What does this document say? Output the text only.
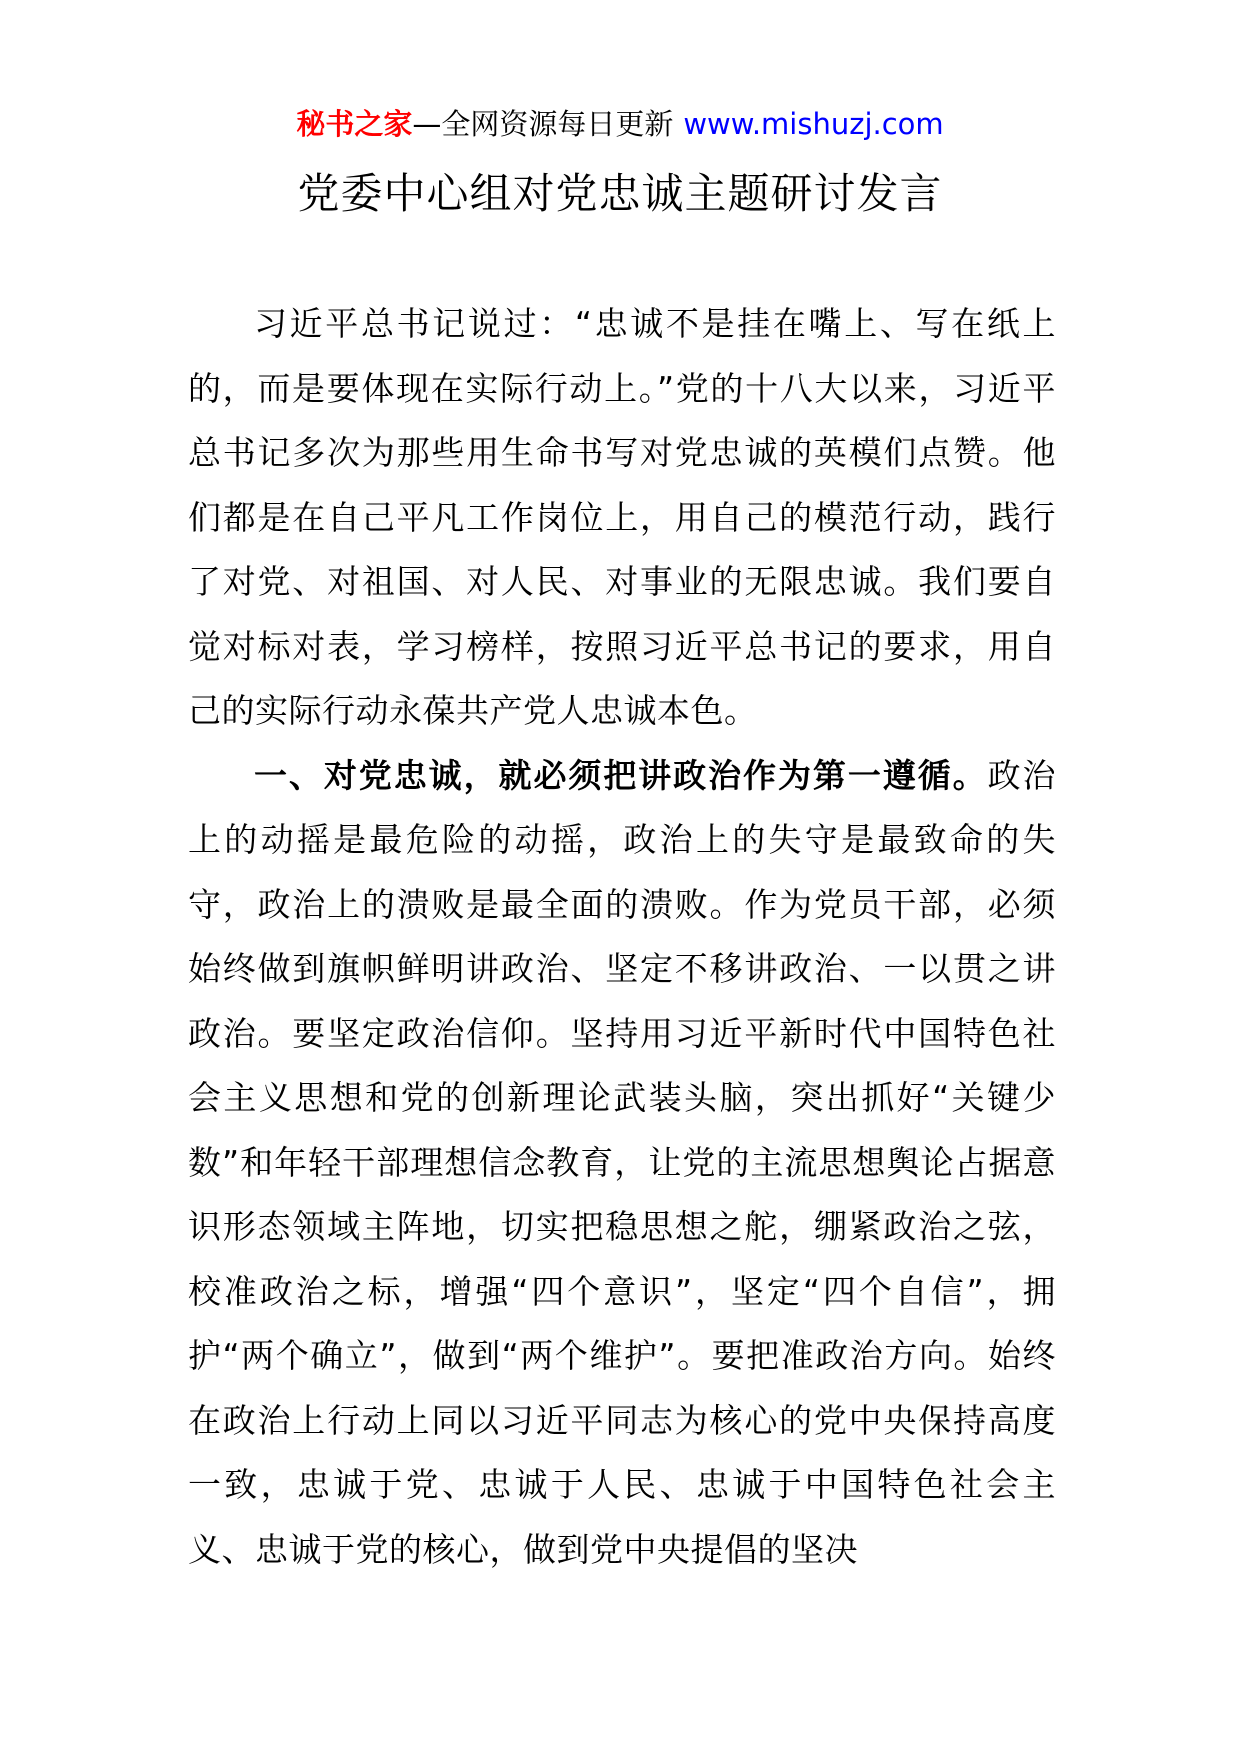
秘书之家—全网资源每日更新 www.mishuzj.com
党委中心组对党忠诚主题研讨发言

习近平总书记说过：“忠诚不是挂在嘴上、写在纸上的，而是要体现在实际行动上。”党的十八大以来，习近平总书记多次为那些用生命书写对党忠诚的英模们点赞。他们都是在自己平凡工作岗位上，用自己的模范行动，践行了对党、对祖国、对人民、对事业的无限忠诚。我们要自觉对标对表，学习榜样，按照习近平总书记的要求，用自己的实际行动永葆共产党人忠诚本色。

一、对党忠诚，就必须把讲政治作为第一遵循。政治上的动摇是最危险的动摇，政治上的失守是最致命的失守，政治上的溃败是最全面的溃败。作为党员干部，必须始终做到旗帜鲜明讲政治、坚定不移讲政治、一以贯之讲政治。要坚定政治信仰。坚持用习近平新时代中国特色社会主义思想和党的创新理论武装头脑，突出抓好“关键少数”和年轻干部理想信念教育，让党的主流思想舆论占据意识形态领域主阵地，切实把稳思想之舵，绷紧政治之弦，校准政治之标，增强“四个意识”，坚定“四个自信”，拥护“两个确立”，做到“两个维护”。要把准政治方向。始终在政治上行动上同以习近平同志为核心的党中央保持高度一致，忠诚于党、忠诚于人民、忠诚于中国特色社会主义、忠诚于党的核心，做到党中央提倡的坚决
